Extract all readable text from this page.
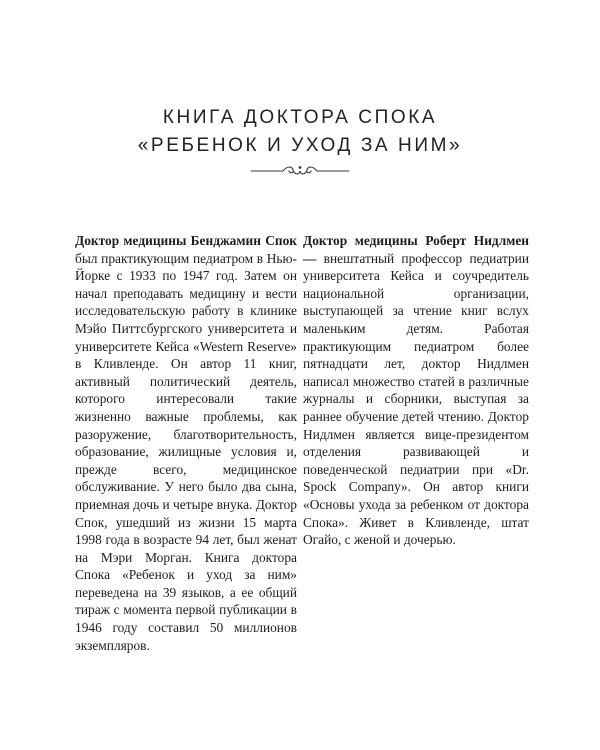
КНИГА ДОКТОРА СПОКА
«РЕБЕНОК И УХОД ЗА НИМ»
Доктор медицины Бенджамин Спок был практикующим педиатром в Нью-Йорке с 1933 по 1947 год. Затем он начал преподавать медицину и вести исследовательскую работу в клинике Мэйо Питтсбургского университета и университете Кейса «Western Reserve» в Кливленде. Он автор 11 книг, активный политический деятель, которого интересовали такие жизненно важные проблемы, как разоружение, благотворительность, образование, жилищные условия и, прежде всего, медицинское обслуживание. У него было два сына, приемная дочь и четыре внука. Доктор Спок, ушедший из жизни 15 марта 1998 года в возрасте 94 лет, был женат на Мэри Морган. Книга доктора Спока «Ребенок и уход за ним» переведена на 39 языков, а ее общий тираж с момента первой публикации в 1946 году составил 50 миллионов экземпляров.
Доктор медицины Роберт Нидлмен — внештатный профессор педиатрии университета Кейса и соучредитель национальной организации, выступающей за чтение книг вслух маленьким детям. Работая практикующим педиатром более пятнадцати лет, доктор Нидлмен написал множество статей в различные журналы и сборники, выступая за раннее обучение детей чтению. Доктор Нидлмен является вице-президентом отделения развивающей и поведенческой педиатрии при «Dr. Spock Company». Он автор книги «Основы ухода за ребенком от доктора Спока». Живет в Кливленде, штат Огайо, с женой и дочерью.
